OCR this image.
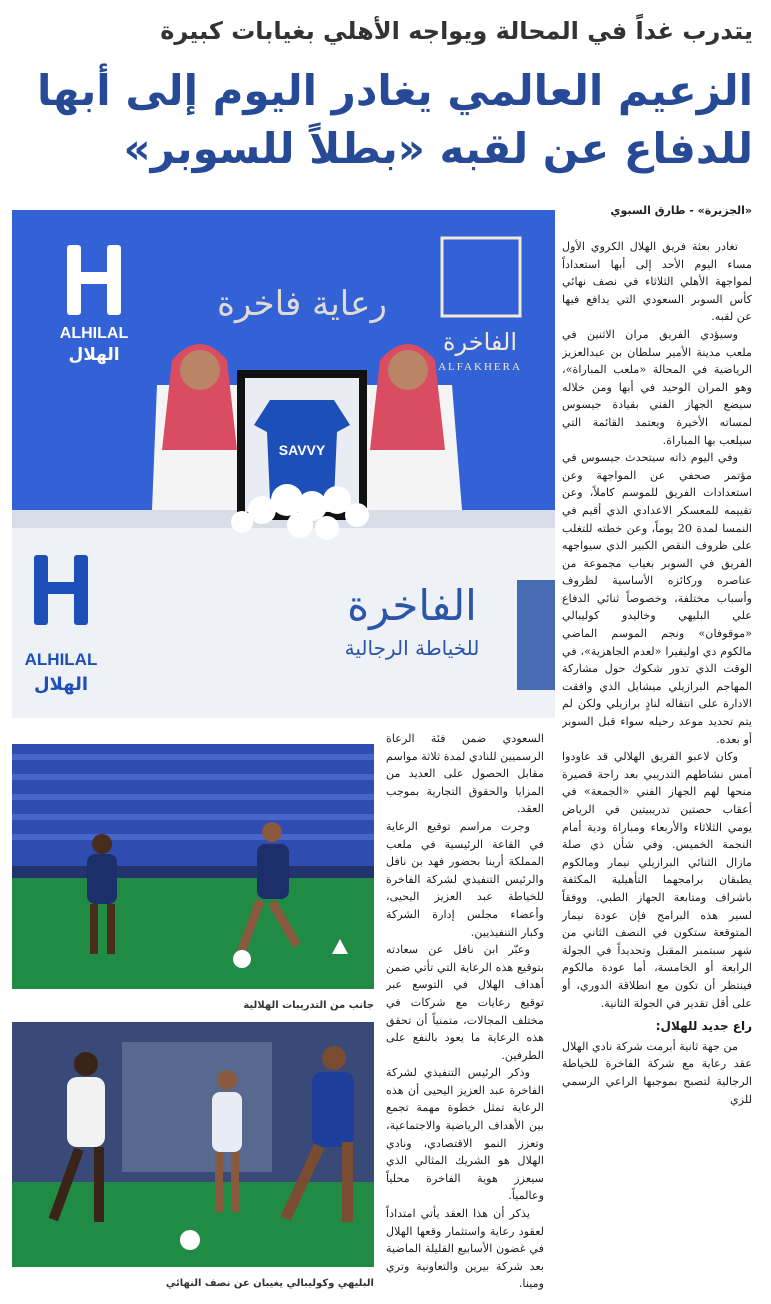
يتدرب غداً في المحالة ويواجه الأهلي بغيابات كبيرة
الزعيم العالمي يغادر اليوم إلى أبها للدفاع عن لقبه «بطلاً للسوبر»
«الجزيرة» - طارق السبوي
ALHILAL
الهلال
رعاية فاخرة
الفاخرة
ALFAKHERA
SAVVY
ALHILAL
الهلال
الفاخرة
للخياطة الرجالية
جانب من التدريبات الهلالية
البليهي وكوليبالي يغيبان عن نصف النهائي

تغادر بعثة فريق الهلال الكروي الأول مساء اليوم الأحد إلى أبها استعداداً لمواجهة الأهلي الثلاثاء في نصف نهائي كأس السوبر السعودي التي يدافع فيها عن لقبه.

وسيؤدي الفريق مران الاثنين في ملعب مدينة الأمير سلطان بن عبدالعزيز الرياضية في المحالة «ملعب المباراة»، وهو المران الوحيد في أبها ومن خلاله سيضع الجهاز الفني بقيادة جيسوس لمساته الأخيرة ويعتمد القائمة التي سيلعب بها المباراة.

وفي اليوم ذاته سيتحدث جيسوس في مؤتمر صحفي عن المواجهة وعن استعدادات الفريق للموسم كاملاً، وعن تقييمه للمعسكر الاعدادي الذي أقيم في النمسا لمدة 20 يوماً، وعن خطته للتغلب على ظروف النقص الكبير الذي سيواجهه الفريق في السوبر بغياب مجموعة من عناصره وركائزه الأساسية لظروف وأسباب مختلفة، وخصوصاً ثنائي الدفاع علي البليهي وخاليدو كوليبالي «موقوفان» ونجم الموسم الماضي مالكوم دي اوليفيرا «لعدم الجاهزية»، في الوقت الذي تدور شكوك حول مشاركة المهاجم البرازيلي ميشايل الذي وافقت الادارة على انتقاله لنادٍ برازيلي ولكن لم يتم تحديد موعد رحيله سواء قبل السوبر أو بعده.

وكان لاعبو الفريق الهلالي قد عاودوا أمس نشاطهم التدريبي بعد راحة قصيرة منحها لهم الجهاز الفني «الجمعة» في أعقاب حصتين تدريبيتين في الرياض يومي الثلاثاء والأربعاء ومباراة ودية أمام النجمة الخميس. وفي شأن ذي صلة مازال الثنائي البرازيلي نيمار ومالكوم يطبقان برامجهما التأهيلية المكثفة باشراف ومتابعة الجهاز الطبي. ووفقاً لسير هذه البرامج فإن عودة نيمار المتوقعة ستكون في النصف الثاني من شهر سبتمبر المقبل وتحديداً في الجولة الرابعة أو الخامسة، أما عودة مالكوم فينتظر أن تكون مع انطلاقة الدوري، أو على أقل تقدير في الجولة الثانية.

راع جديد للهلال:

من جهة ثانية أبرمت شركة نادي الهلال عقد رعاية مع شركة الفاخرة للخياطة الرجالية لتصبح بموجبها الراعي الرسمي للزي

السعودي ضمن فئة الرعاة الرسميين للنادي لمدة ثلاثة مواسم مقابل الحصول على العديد من المزايا والحقوق التجارية بموجب العقد.

وجرت مراسم توقيع الرعاية في القاعة الرئيسية في ملعب المملكة أرينا بحضور فهد بن نافل والرئيس التنفيذي لشركة الفاخرة للخياطة عبد العزيز اليحيى، وأعضاء مجلس إدارة الشركة وكبار التنفيذيين.

وعبّر ابن نافل عن سعادته بتوقيع هذه الرعاية التي تأتي ضمن أهداف الهلال في التوسع عبر توقيع رعايات مع شركات في مختلف المجالات، متمنياً أن تحقق هذه الرعاية ما يعود بالنفع على الطرفين.

وذكر الرئيس التنفيذي لشركة الفاخرة عبد العزيز اليحيى أن هذه الرعاية تمثل خطوة مهمة تجمع بين الأهداف الرياضية والاجتماعية، وتعزز النمو الاقتصادي، ونادي الهلال هو الشريك المثالي الذي سيعزز هوية الفاخرة محلياً وعالمياً.

يذكر أن هذا العقد يأتي امتداداً لعقود رعاية واستثمار وقعها الهلال في غضون الأسابيع القليلة الماضية بعد شركة بيرين والتعاونية وتري ومينا.
